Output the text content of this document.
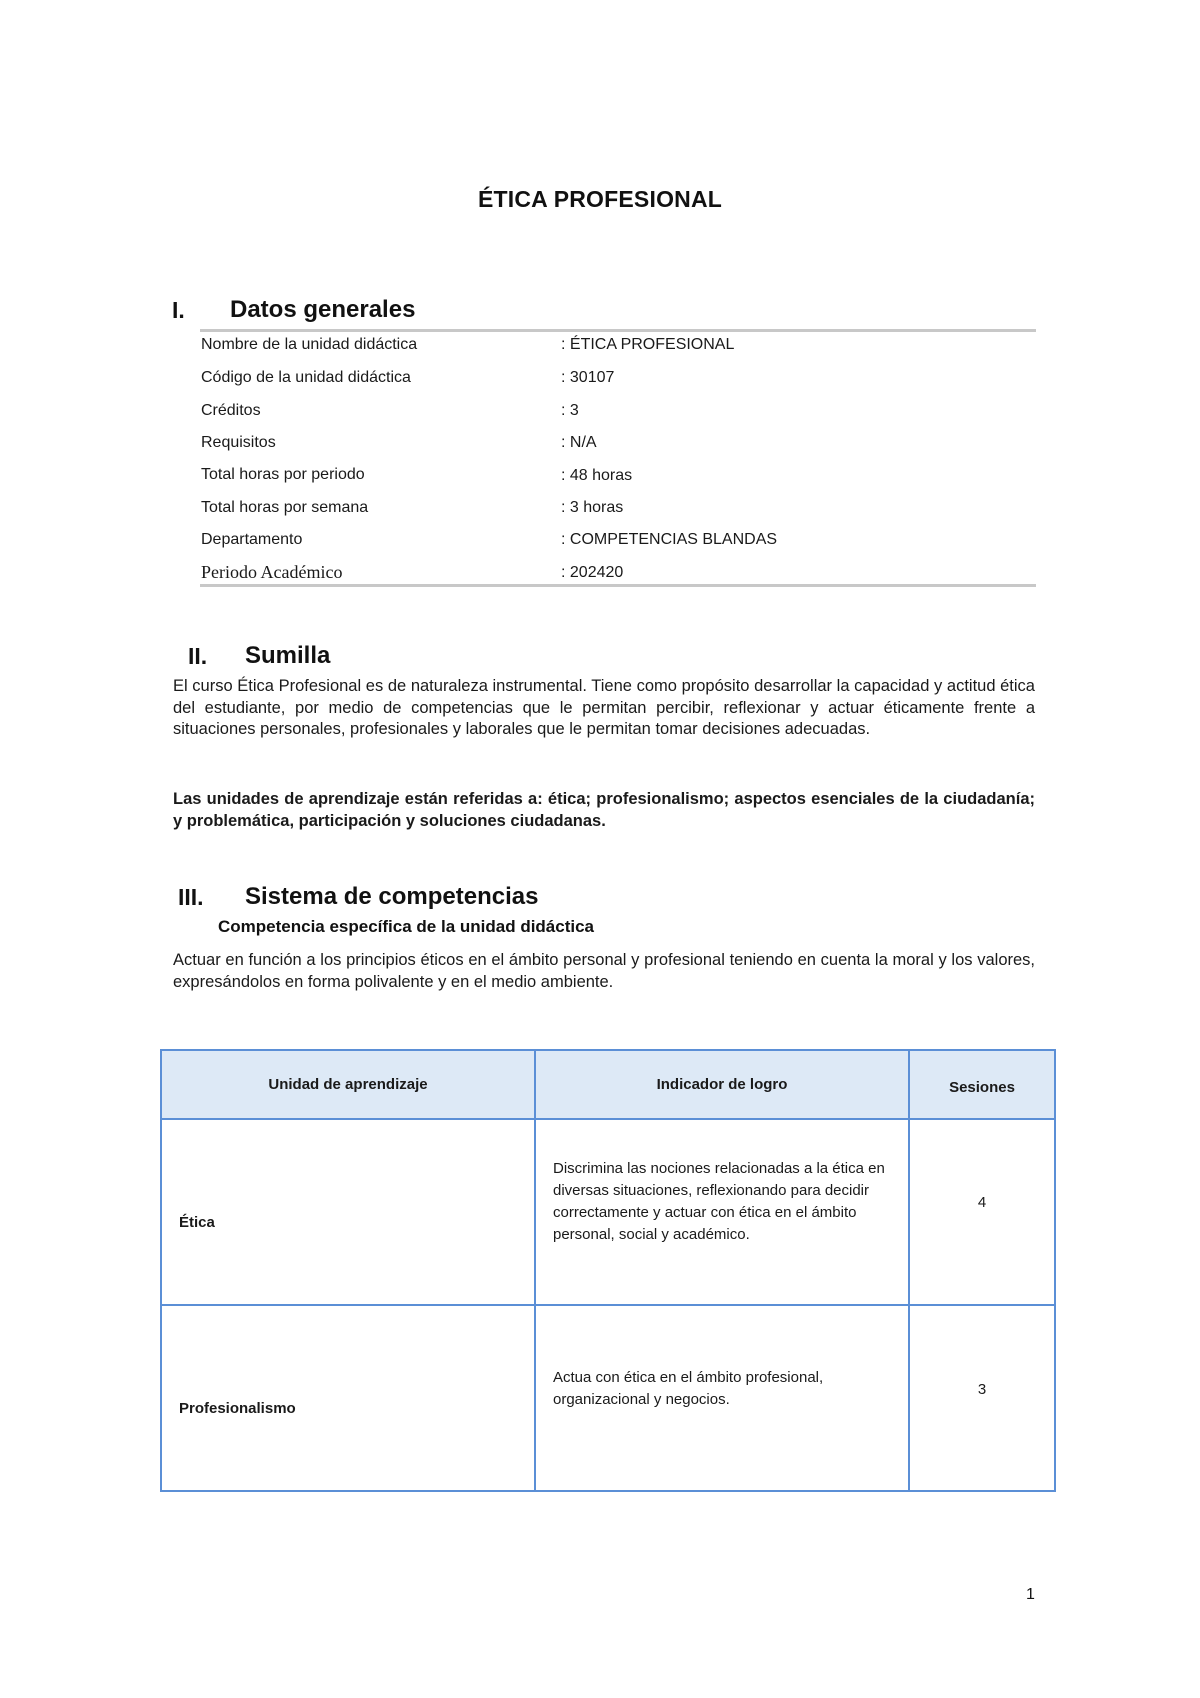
ÉTICA PROFESIONAL
I. Datos generales
Nombre de la unidad didáctica	: ÉTICA PROFESIONAL
Código de la unidad didáctica	: 30107
Créditos	: 3
Requisitos	: N/A
Total horas por periodo	: 48 horas
Total horas por semana	: 3 horas
Departamento	: COMPETENCIAS BLANDAS
Periodo Académico	: 202420
II. Sumilla
El curso Ética Profesional es de naturaleza instrumental. Tiene como propósito desarrollar la capacidad y actitud ética del estudiante, por medio de competencias que le permitan percibir, reflexionar y actuar éticamente frente a situaciones personales, profesionales y laborales que le permitan tomar decisiones adecuadas.
Las unidades de aprendizaje están referidas a: ética; profesionalismo; aspectos esenciales de la ciudadanía; y problemática, participación y soluciones ciudadanas.
III. Sistema de competencias
Competencia específica de la unidad didáctica
Actuar en función a los principios éticos en el ámbito personal y profesional teniendo en cuenta la moral y los valores, expresándolos en forma polivalente y en el medio ambiente.
Unidad de aprendizaje	Indicador de logro	Sesiones
Ética	Discrimina las nociones relacionadas a la ética en diversas situaciones, reflexionando para decidir correctamente y actuar con ética en el ámbito personal, social y académico.	4

Profesionalismo	Actua con ética en el ámbito profesional, organizacional y negocios.	3
1
